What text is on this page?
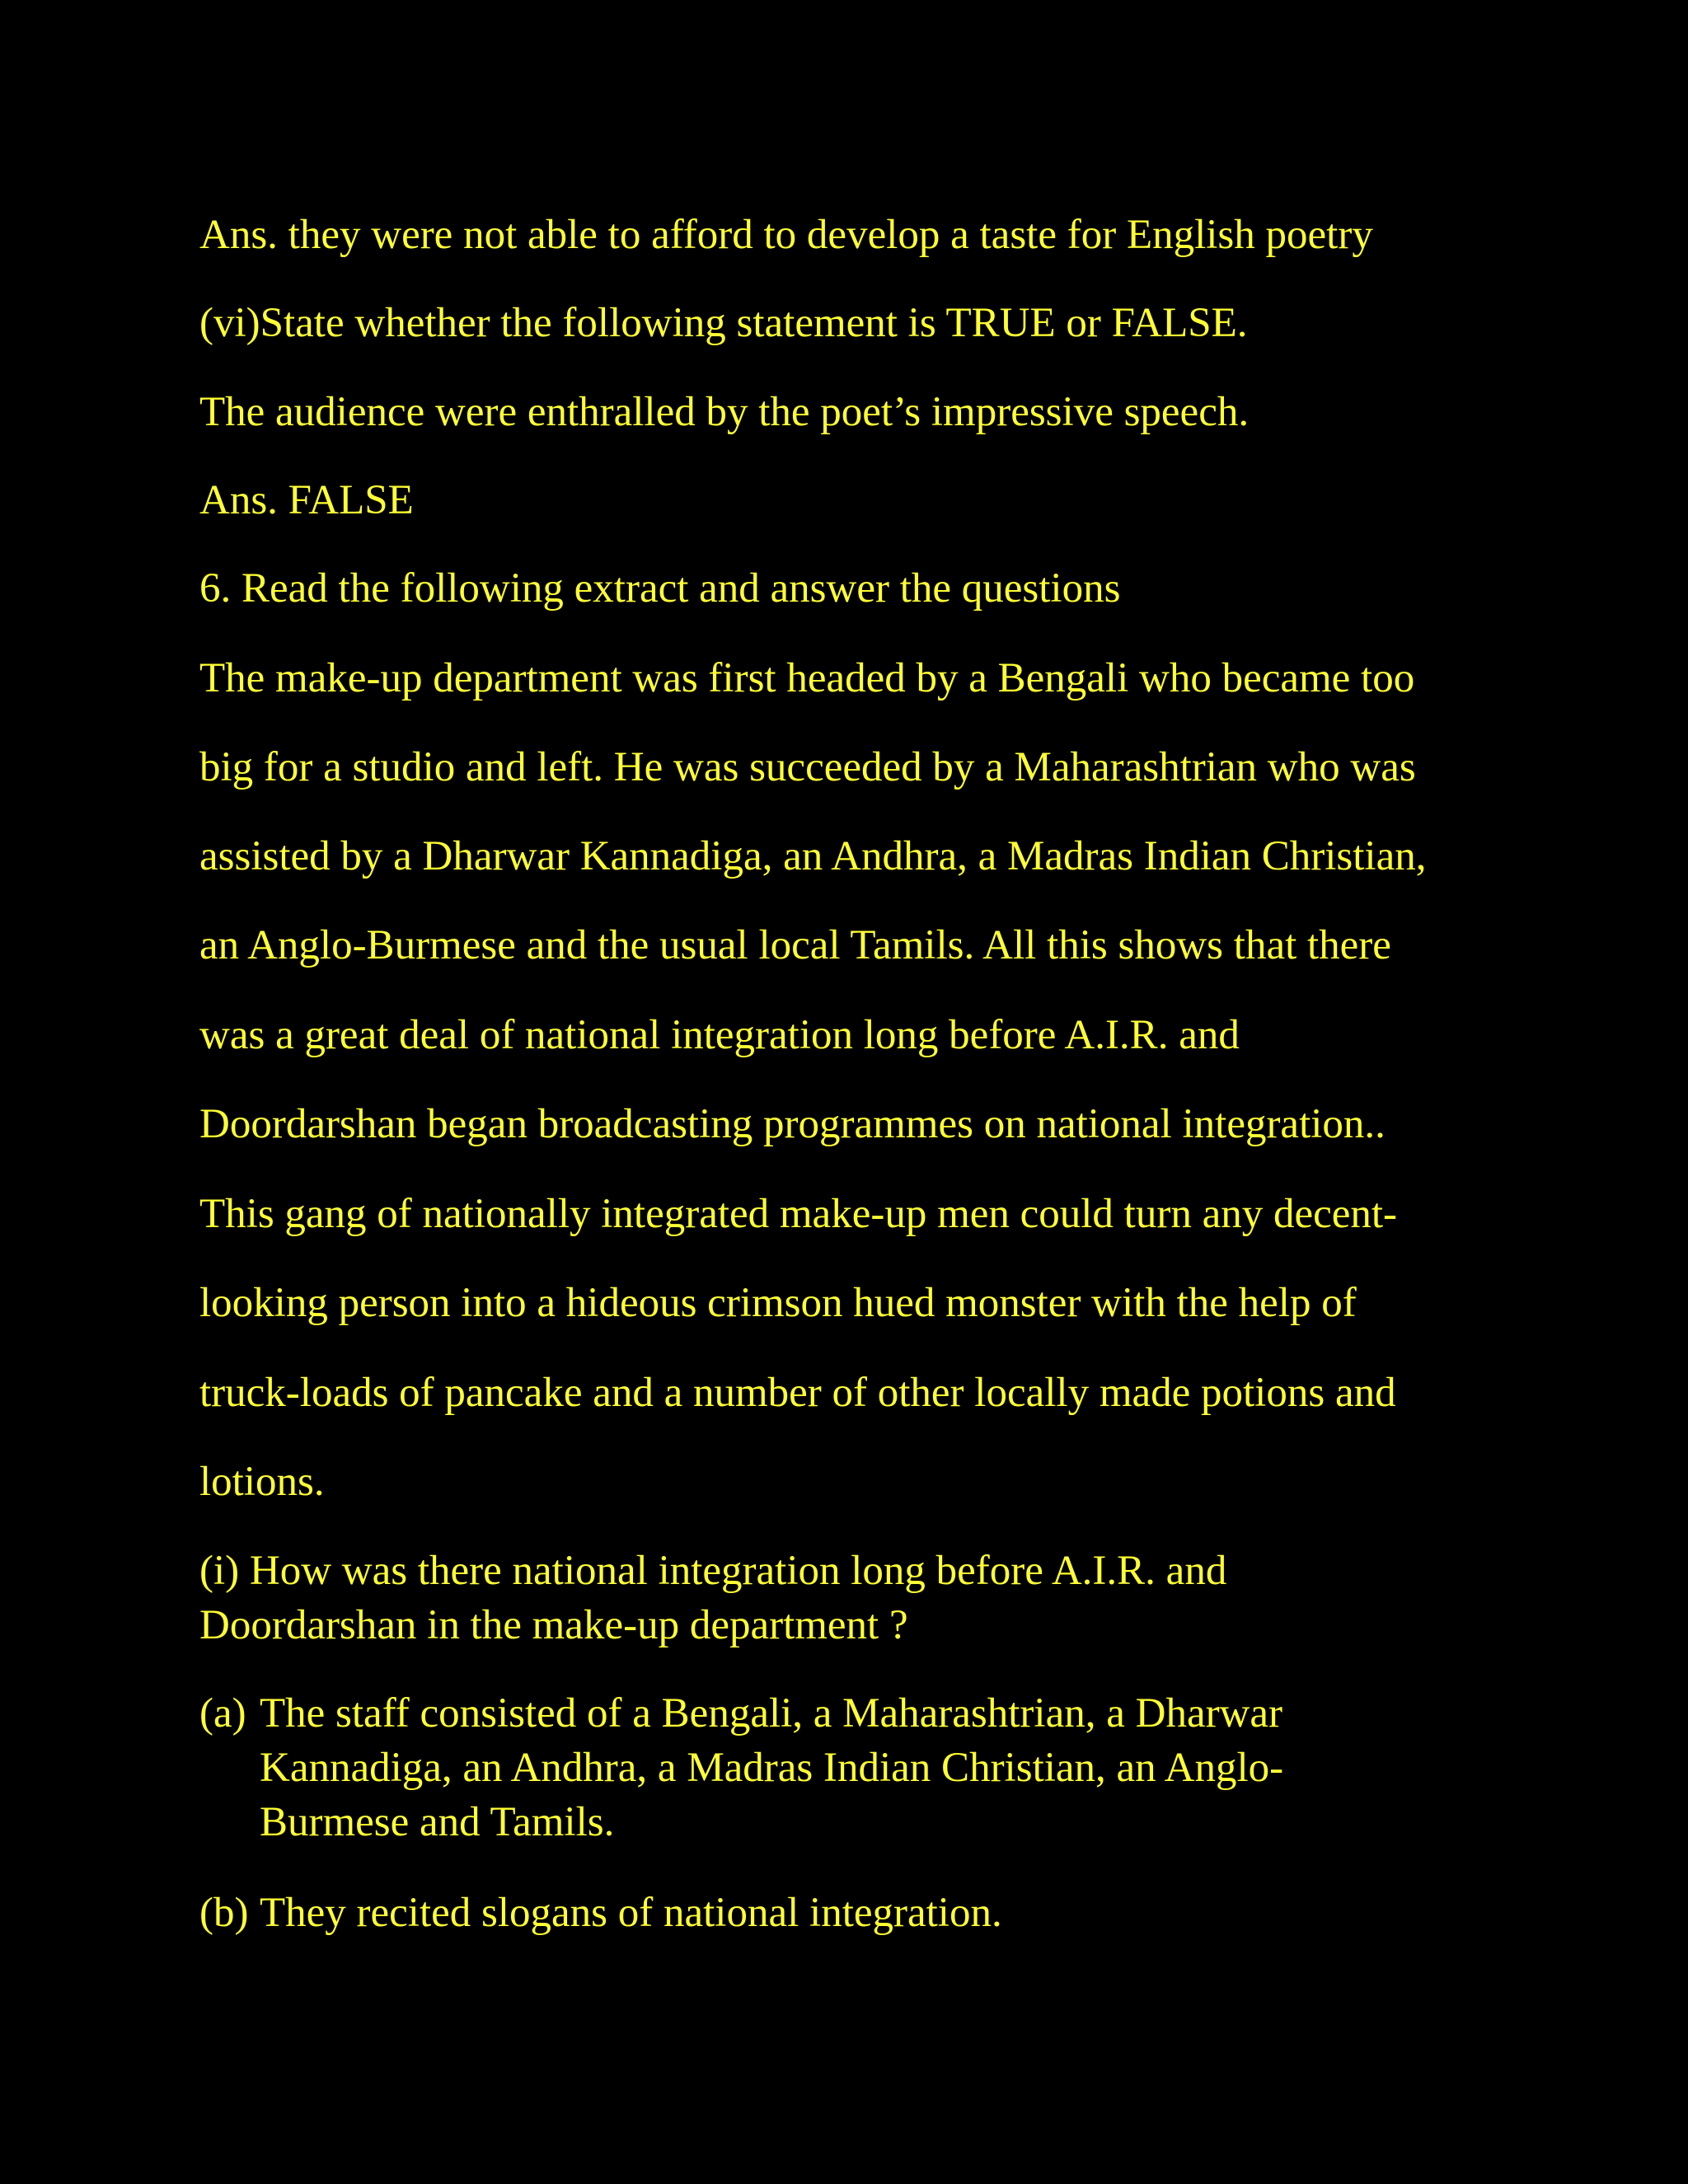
Ans. they were not able to afford to develop a taste for English poetry

(vi)State whether the following statement is TRUE or FALSE.

The audience were enthralled by the poet’s impressive speech.

Ans. FALSE

6. Read the following extract and answer the questions

The make-up department was first headed by a Bengali who became too

big for a studio and left. He was succeeded by a Maharashtrian who was

assisted by a Dharwar Kannadiga, an Andhra, a Madras Indian Christian,

an Anglo-Burmese and the usual local Tamils. All this shows that there

was a great deal of national integration long before A.I.R. and

Doordarshan began broadcasting programmes on national integration..

This gang of nationally integrated make-up men could turn any decent-

looking person into a hideous crimson hued monster with the help of

truck-loads of pancake and a number of other locally made potions and

lotions.

(i) How was there national integration long before A.I.R. and

Doordarshan in the make-up department ?

(a) The staff consisted of a Bengali, a Maharashtrian, a Dharwar
Kannadiga, an Andhra, a Madras Indian Christian, an Anglo-
Burmese and Tamils.
(b) They recited slogans of national integration.
